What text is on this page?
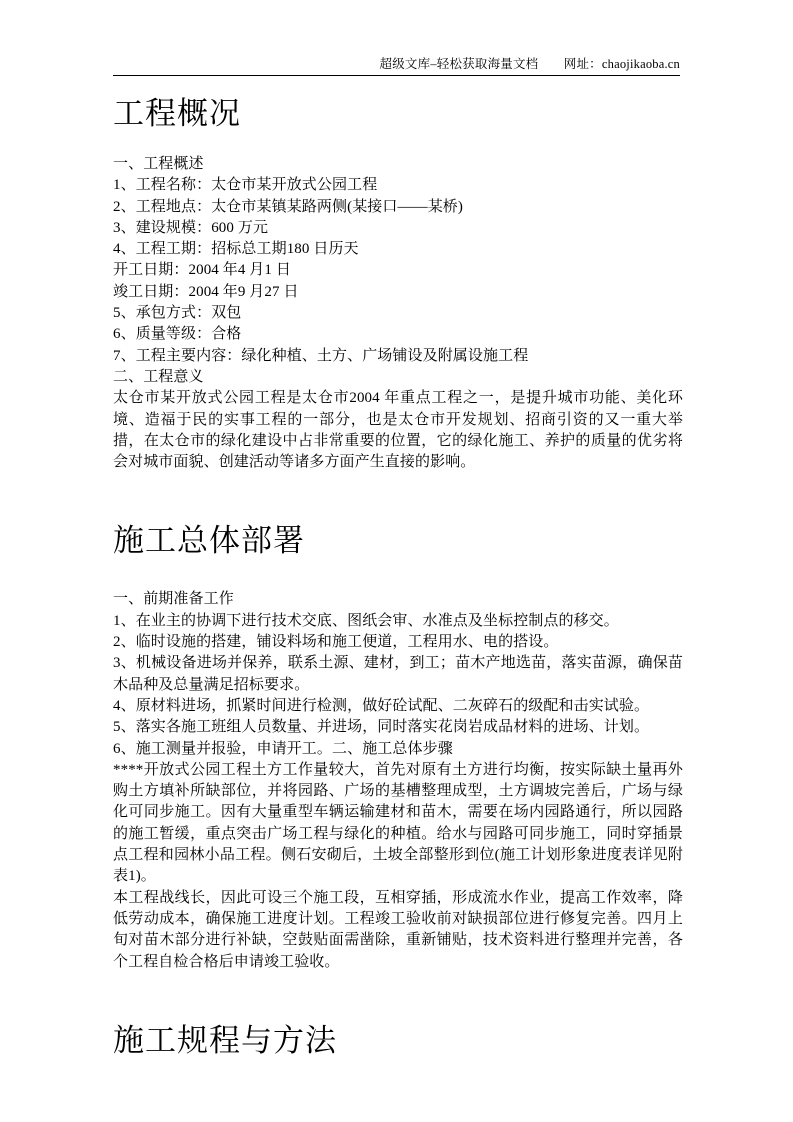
超级文库–轻松获取海量文档　　网址：chaojikaoba.cn
工程概况

一、工程概述

1、工程名称：太仓市某开放式公园工程

2、工程地点：太仓市某镇某路两侧(某接口——某桥)

3、建设规模：600 万元

4、工程工期：招标总工期180 日历天

开工日期：2004 年4 月1 日

竣工日期：2004 年9 月27 日

5、承包方式：双包

6、质量等级：合格

7、工程主要内容：绿化种植、土方、广场铺设及附属设施工程

二、工程意义

太仓市某开放式公园工程是太仓市2004 年重点工程之一，是提升城市功能、美化环境、造福于民的实事工程的一部分，也是太仓市开发规划、招商引资的又一重大举措，在太仓市的绿化建设中占非常重要的位置，它的绿化施工、养护的质量的优劣将会对城市面貌、创建活动等诸多方面产生直接的影响。

施工总体部署

一、前期准备工作

1、在业主的协调下进行技术交底、图纸会审、水准点及坐标控制点的移交。

2、临时设施的搭建，铺设料场和施工便道，工程用水、电的搭设。

3、机械设备进场并保养，联系土源、建材，到工；苗木产地选苗，落实苗源，确保苗木品种及总量满足招标要求。

4、原材料进场，抓紧时间进行检测，做好砼试配、二灰碎石的级配和击实试验。

5、落实各施工班组人员数量、并进场，同时落实花岗岩成品材料的进场、计划。

6、施工测量并报验，申请开工。二、施工总体步骤

****开放式公园工程土方工作量较大，首先对原有土方进行均衡，按实际缺土量再外购土方填补所缺部位，并将园路、广场的基槽整理成型，土方调坡完善后，广场与绿化可同步施工。因有大量重型车辆运输建材和苗木，需要在场内园路通行，所以园路的施工暂缓，重点突击广场工程与绿化的种植。给水与园路可同步施工，同时穿插景点工程和园林小品工程。侧石安砌后，土坡全部整形到位(施工计划形象进度表详见附表1)。

本工程战线长，因此可设三个施工段，互相穿插，形成流水作业，提高工作效率，降低劳动成本，确保施工进度计划。工程竣工验收前对缺损部位进行修复完善。四月上旬对苗木部分进行补缺，空鼓贴面需凿除，重新铺贴，技术资料进行整理并完善，各个工程自检合格后申请竣工验收。

施工规程与方法
